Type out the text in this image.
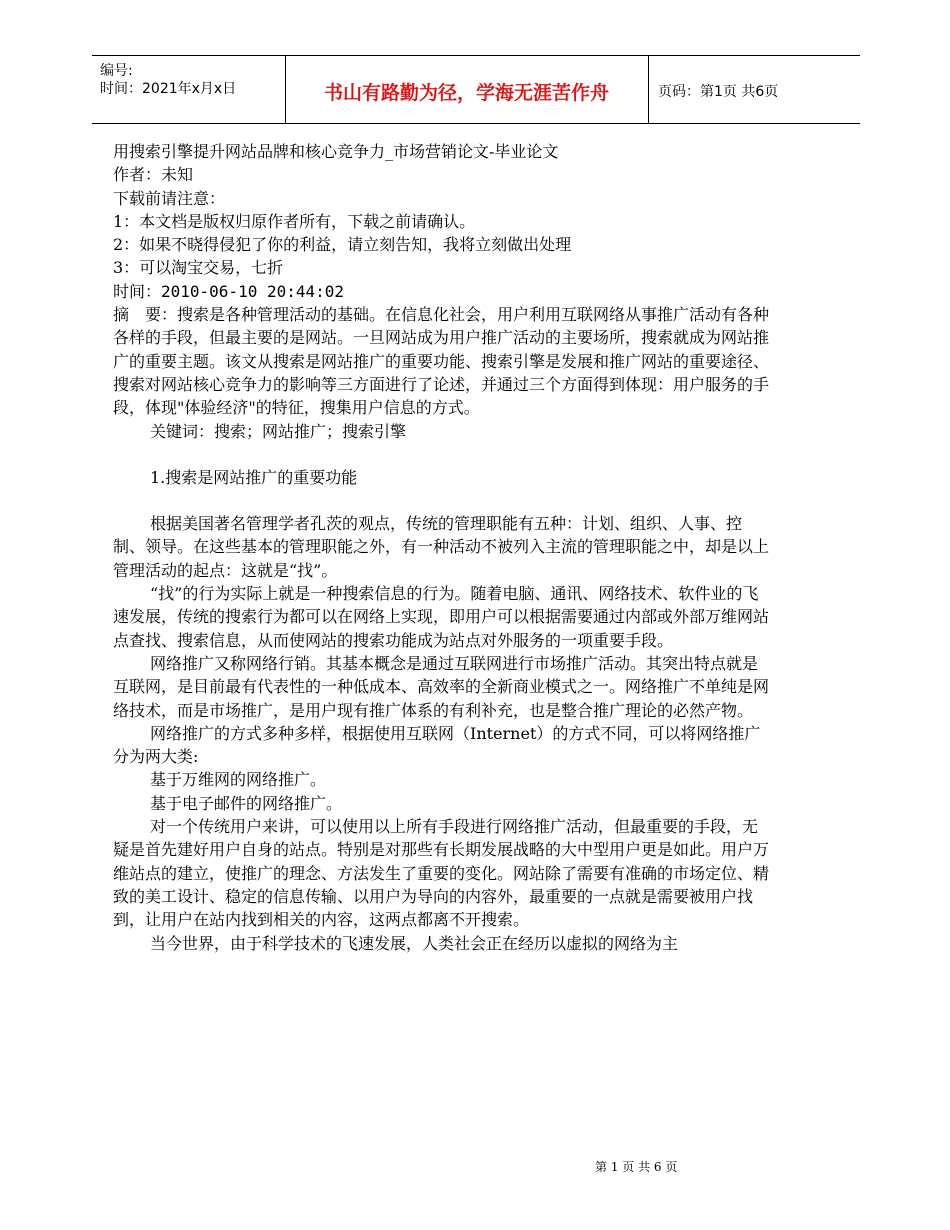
编号:
时间：2021年x月x日	书山有路勤为径，学海无涯苦作舟	页码：第1页 共6页

用搜索引擎提升网站品牌和核心竞争力_市场营销论文-毕业论文

作者：未知

下载前请注意：

1：本文档是版权归原作者所有，下载之前请确认。

2：如果不晓得侵犯了你的利益，请立刻告知，我将立刻做出处理

3：可以淘宝交易，七折

时间：2010-06-10 20:44:02

摘　要：搜索是各种管理活动的基础。在信息化社会，用户利用互联网络从事推广活动有各种各样的手段，但最主要的是网站。一旦网站成为用户推广活动的主要场所，搜索就成为网站推广的重要主题。该文从搜索是网站推广的重要功能、搜索引擎是发展和推广网站的重要途径、搜索对网站核心竞争力的影响等三方面进行了论述，并通过三个方面得到体现：用户服务的手段，体现"体验经济"的特征，搜集用户信息的方式。

关键词：搜索；网站推广；搜索引擎

1.搜索是网站推广的重要功能

根据美国著名管理学者孔茨的观点，传统的管理职能有五种：计划、组织、人事、控制、领导。在这些基本的管理职能之外，有一种活动不被列入主流的管理职能之中，却是以上管理活动的起点：这就是“找”。

“找”的行为实际上就是一种搜索信息的行为。随着电脑、通讯、网络技术、软件业的飞速发展，传统的搜索行为都可以在网络上实现，即用户可以根据需要通过内部或外部万维网站点查找、搜索信息，从而使网站的搜索功能成为站点对外服务的一项重要手段。

网络推广又称网络行销。其基本概念是通过互联网进行市场推广活动。其突出特点就是互联网，是目前最有代表性的一种低成本、高效率的全新商业模式之一。网络推广不单纯是网络技术，而是市场推广，是用户现有推广体系的有利补充，也是整合推广理论的必然产物。

网络推广的方式多种多样，根据使用互联网（Internet）的方式不同，可以将网络推广分为两大类:

基于万维网的网络推广。

基于电子邮件的网络推广。

对一个传统用户来讲，可以使用以上所有手段进行网络推广活动，但最重要的手段，无疑是首先建好用户自身的站点。特别是对那些有长期发展战略的大中型用户更是如此。用户万维站点的建立，使推广的理念、方法发生了重要的变化。网站除了需要有准确的市场定位、精致的美工设计、稳定的信息传输、以用户为导向的内容外，最重要的一点就是需要被用户找到，让用户在站内找到相关的内容，这两点都离不开搜索。

当今世界，由于科学技术的飞速发展，人类社会正在经历以虚拟的网络为主

第 1 页 共 6 页
